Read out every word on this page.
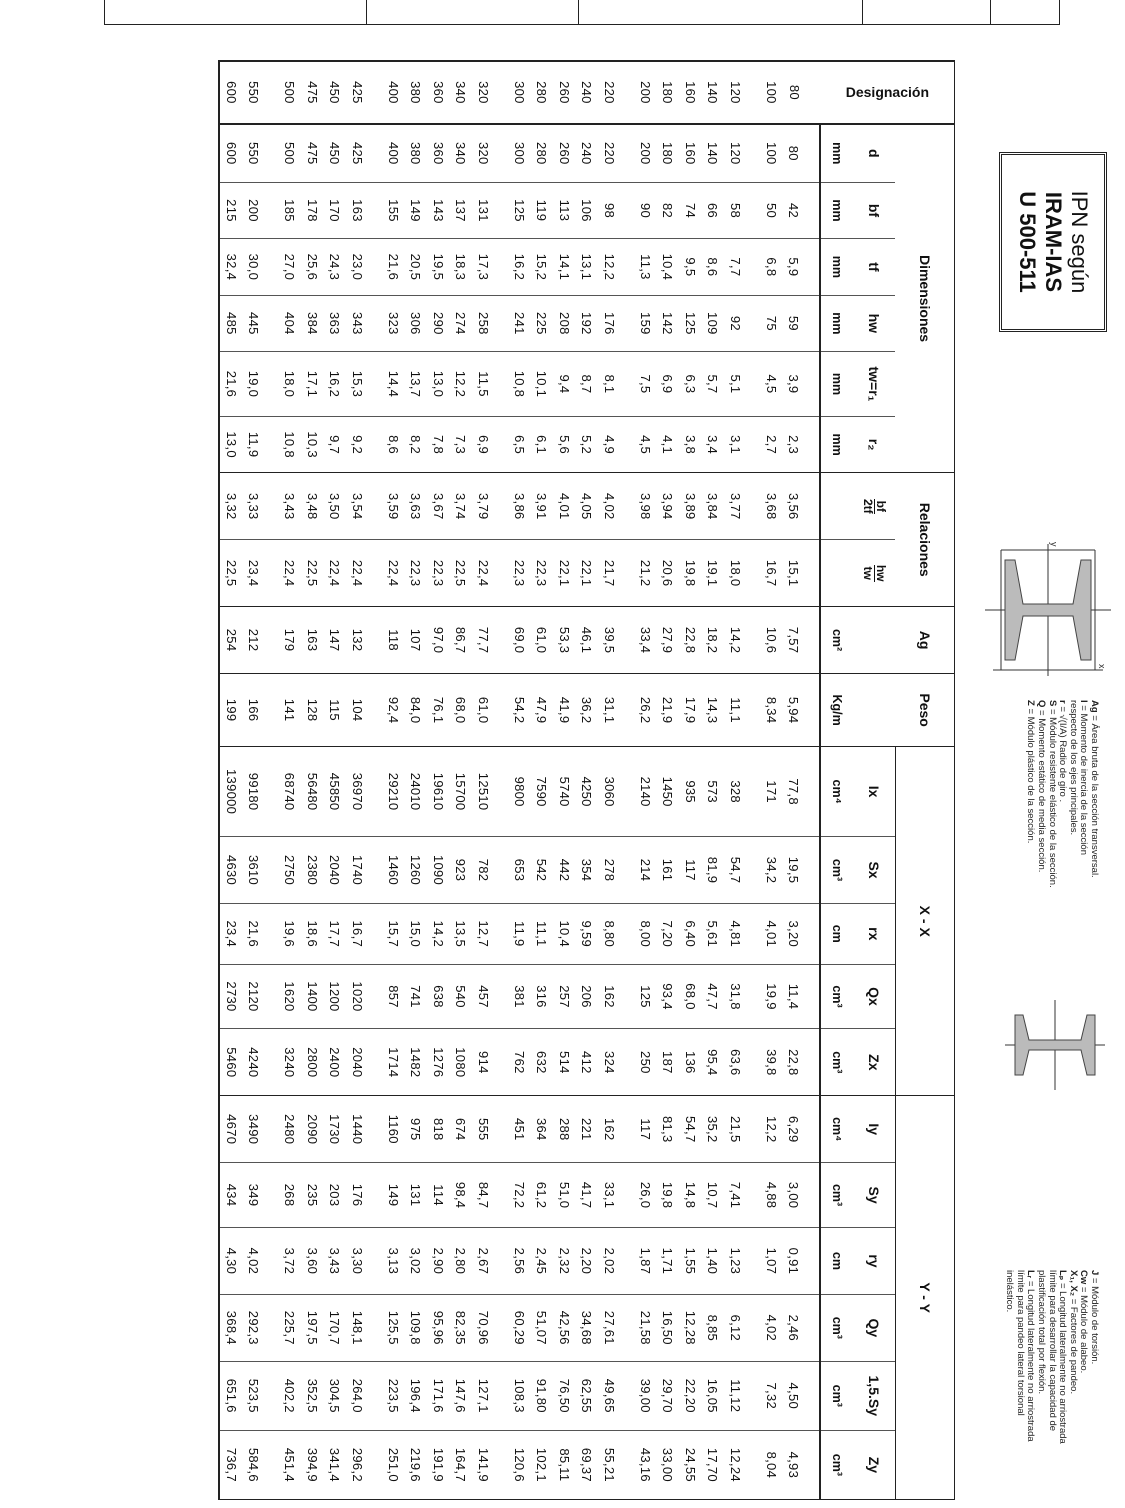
IPN según
IRAM-IAS
U 500-511
x
y
Ag = Área bruta de la sección transversal.
I = Momento de inercia de la sección
respecto de los ejes principales.
r = √(I/A) Radio de giro .
S = Módulo resistente elástico de la sección.
Q = Momento estático de media sección.
Z = Módulo plástico de la sección.
J = Módulo de torsión.
Cw = Módulo de alabeo.
X₁, X₂ = Factores de pandeo.
Lₚ = Longitud lateralmente no arriostrada
límite para desarrollar la capacidad de
plastificación total por flexión.
Lᵣ = Longitud lateralmente no arriostrada
límite para pandeo lateral torsional
inelástico.
Designación	Dimensiones						Relaciones		Ag	Peso	X - X					Y - Y					
	d	bf	tf	hw	tw=r₁	r₂	bf
2tf	hw
tw			Ix	Sx	rx	Qx	Zx	Iy	Sy	ry	Qy	1,5.Sy	Zy
	mm	mm	mm	mm	mm	mm			cm²	Kg/m	cm⁴	cm³	cm	cm³	cm³	cm⁴	cm³	cm	cm³	cm³	cm³
80	80	42	5,9	59	3,9	2,3	3,56	15,1	7,57	5,94	77,8	19,5	3,20	11,4	22,8	6,29	3,00	0,91	2,46	4,50	4,93
100	100	50	6,8	75	4,5	2,7	3,68	16,7	10,6	8,34	171	34,2	4,01	19,9	39,8	12,2	4,88	1,07	4,02	7,32	8,04
120	120	58	7,7	92	5,1	3,1	3,77	18,0	14,2	11,1	328	54,7	4,81	31,8	63,6	21,5	7,41	1,23	6,12	11,12	12,24
140	140	66	8,6	109	5,7	3,4	3,84	19,1	18,2	14,3	573	81,9	5,61	47,7	95,4	35,2	10,7	1,40	8,85	16,05	17,70
160	160	74	9,5	125	6,3	3,8	3,89	19,8	22,8	17,9	935	117	6,40	68,0	136	54,7	14,8	1,55	12,28	22,20	24,55
180	180	82	10,4	142	6,9	4,1	3,94	20,6	27,9	21,9	1450	161	7,20	93,4	187	81,3	19,8	1,71	16,50	29,70	33,00
200	200	90	11,3	159	7,5	4,5	3,98	21,2	33,4	26,2	2140	214	8,00	125	250	117	26,0	1,87	21,58	39,00	43,16
220	220	98	12,2	176	8,1	4,9	4,02	21,7	39,5	31,1	3060	278	8,80	162	324	162	33,1	2,02	27,61	49,65	55,21
240	240	106	13,1	192	8,7	5,2	4,05	22,1	46,1	36,2	4250	354	9,59	206	412	221	41,7	2,20	34,68	62,55	69,37
260	260	113	14,1	208	9,4	5,6	4,01	22,1	53,3	41,9	5740	442	10,4	257	514	288	51,0	2,32	42,56	76,50	85,11
280	280	119	15,2	225	10,1	6,1	3,91	22,3	61,0	47,9	7590	542	11,1	316	632	364	61,2	2,45	51,07	91,80	102,1
300	300	125	16,2	241	10,8	6,5	3,86	22,3	69,0	54,2	9800	653	11,9	381	762	451	72,2	2,56	60,29	108,3	120,6
320	320	131	17,3	258	11,5	6,9	3,79	22,4	77,7	61,0	12510	782	12,7	457	914	555	84,7	2,67	70,96	127,1	141,9
340	340	137	18,3	274	12,2	7,3	3,74	22,5	86,7	68,0	15700	923	13,5	540	1080	674	98,4	2,80	82,35	147,6	164,7
360	360	143	19,5	290	13,0	7,8	3,67	22,3	97,0	76,1	19610	1090	14,2	638	1276	818	114	2,90	95,96	171,6	191,9
380	380	149	20,5	306	13,7	8,2	3,63	22,3	107	84,0	24010	1260	15,0	741	1482	975	131	3,02	109,8	196,4	219,6
400	400	155	21,6	323	14,4	8,6	3,59	22,4	118	92,4	29210	1460	15,7	857	1714	1160	149	3,13	125,5	223,5	251,0
425	425	163	23,0	343	15,3	9,2	3,54	22,4	132	104	36970	1740	16,7	1020	2040	1440	176	3,30	148,1	264,0	296,2
450	450	170	24,3	363	16,2	9,7	3,50	22,4	147	115	45850	2040	17,7	1200	2400	1730	203	3,43	170,7	304,5	341,4
475	475	178	25,6	384	17,1	10,3	3,48	22,5	163	128	56480	2380	18,6	1400	2800	2090	235	3,60	197,5	352,5	394,9
500	500	185	27,0	404	18,0	10,8	3,43	22,4	179	141	68740	2750	19,6	1620	3240	2480	268	3,72	225,7	402,2	451,4
550	550	200	30,0	445	19,0	11,9	3,33	23,4	212	166	99180	3610	21,6	2120	4240	3490	349	4,02	292,3	523,5	584,6
600	600	215	32,4	485	21,6	13,0	3,32	22,5	254	199	139000	4630	23,4	2730	5460	4670	434	4,30	368,4	651,6	736,7
